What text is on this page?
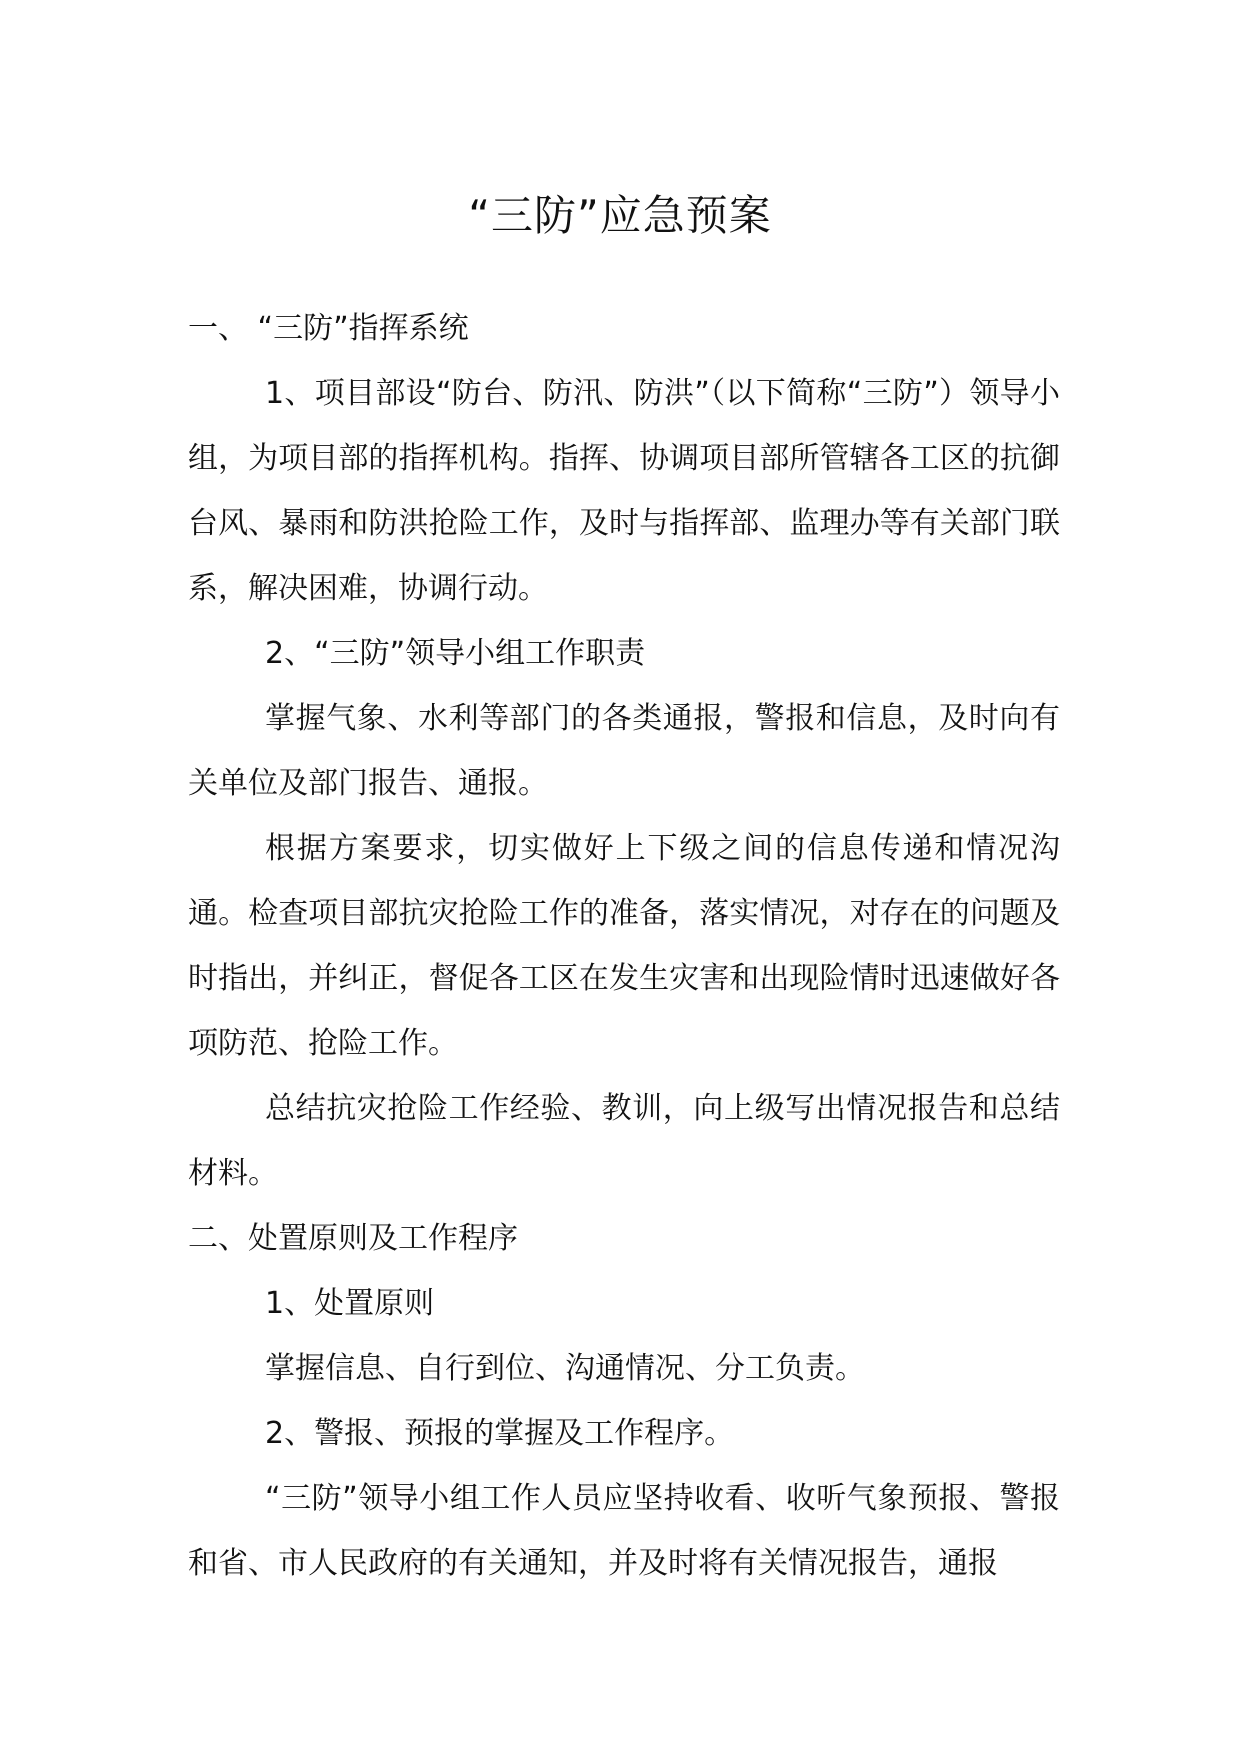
“三防”应急预案

一、 “三防”指挥系统

1、项目部设“防台、防汛、防洪”（以下简称“三防”）领导小组，为项目部的指挥机构。指挥、协调项目部所管辖各工区的抗御台风、暴雨和防洪抢险工作，及时与指挥部、监理办等有关部门联系，解决困难，协调行动。

2、“三防”领导小组工作职责

掌握气象、水利等部门的各类通报，警报和信息，及时向有关单位及部门报告、通报。

根据方案要求，切实做好上下级之间的信息传递和情况沟通。检查项目部抗灾抢险工作的准备，落实情况，对存在的问题及时指出，并纠正，督促各工区在发生灾害和出现险情时迅速做好各项防范、抢险工作。

总结抗灾抢险工作经验、教训，向上级写出情况报告和总结材料。

二、处置原则及工作程序

1、处置原则

掌握信息、自行到位、沟通情况、分工负责。

2、警报、预报的掌握及工作程序。

“三防”领导小组工作人员应坚持收看、收听气象预报、警报和省、市人民政府的有关通知，并及时将有关情况报告，通报
